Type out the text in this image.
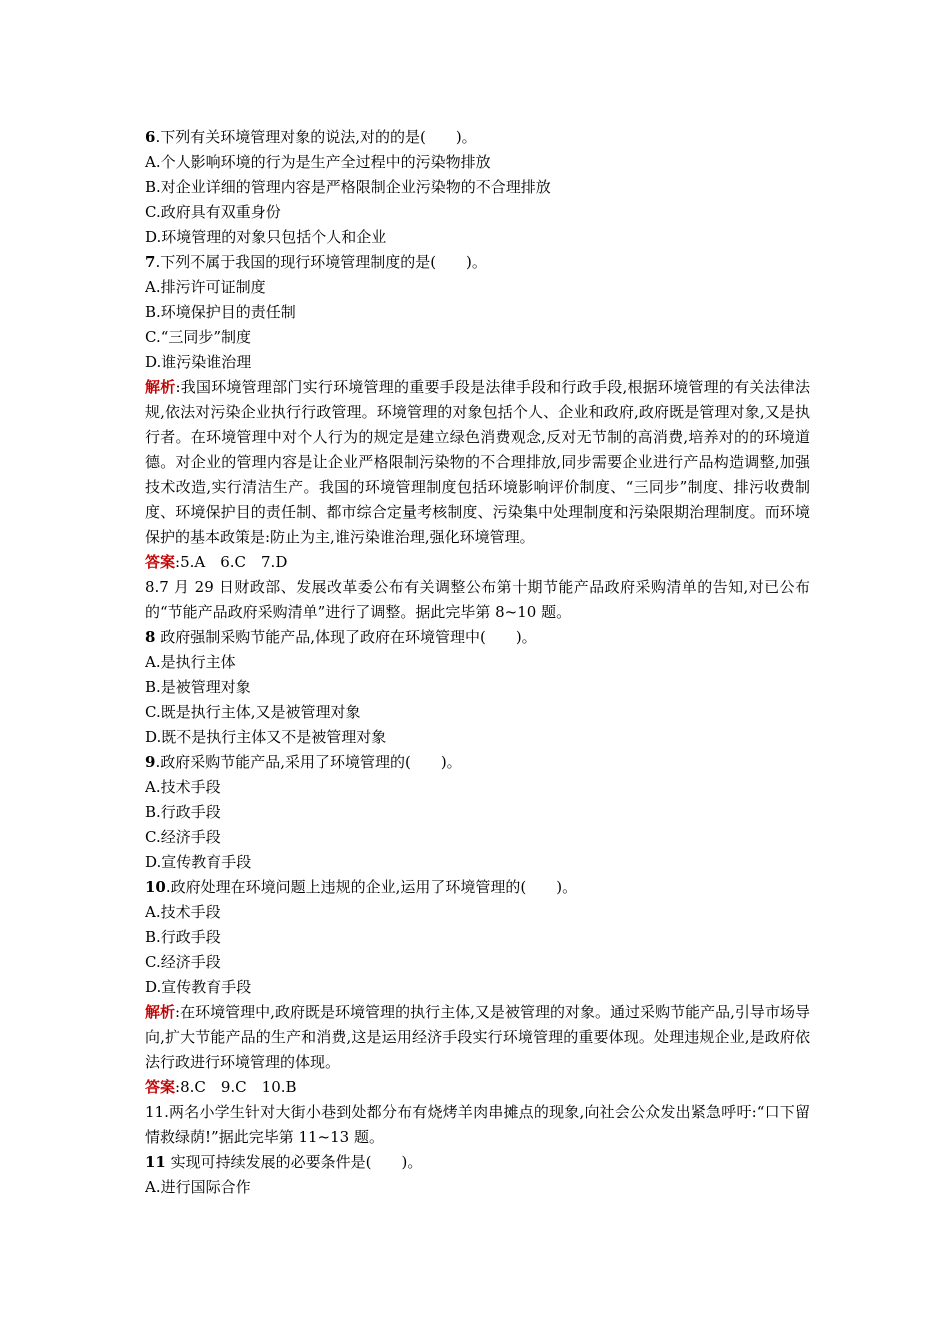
6.下列有关环境管理对象的说法,对的的是(　　)。
A.个人影响环境的行为是生产全过程中的污染物排放
B.对企业详细的管理内容是严格限制企业污染物的不合理排放
C.政府具有双重身份
D.环境管理的对象只包括个人和企业
7.下列不属于我国的现行环境管理制度的是(　　)。
A.排污许可证制度
B.环境保护目的责任制
C.“三同步”制度
D.谁污染谁治理
解析:我国环境管理部门实行环境管理的重要手段是法律手段和行政手段,根据环境管理的有关法律法规,依法对污染企业执行行政管理。环境管理的对象包括个人、企业和政府,政府既是管理对象,又是执行者。在环境管理中对个人行为的规定是建立绿色消费观念,反对无节制的高消费,培养对的的环境道德。对企业的管理内容是让企业严格限制污染物的不合理排放,同步需要企业进行产品构造调整,加强技术改造,实行清洁生产。我国的环境管理制度包括环境影响评价制度、“三同步”制度、排污收费制度、环境保护目的责任制、都市综合定量考核制度、污染集中处理制度和污染限期治理制度。而环境保护的基本政策是:防止为主,谁污染谁治理,强化环境管理。
答案:5.A　6.C　7.D
8.7 月 29 日财政部、发展改革委公布有关调整公布第十期节能产品政府采购清单的告知,对已公布的“节能产品政府采购清单”进行了调整。据此完毕第 8~10 题。
8 政府强制采购节能产品,体现了政府在环境管理中(　　)。
A.是执行主体
B.是被管理对象
C.既是执行主体,又是被管理对象
D.既不是执行主体又不是被管理对象
9.政府采购节能产品,采用了环境管理的(　　)。
A.技术手段
B.行政手段
C.经济手段
D.宣传教育手段
10.政府处理在环境问题上违规的企业,运用了环境管理的(　　)。
A.技术手段
B.行政手段
C.经济手段
D.宣传教育手段
解析:在环境管理中,政府既是环境管理的执行主体,又是被管理的对象。通过采购节能产品,引导市场导向,扩大节能产品的生产和消费,这是运用经济手段实行环境管理的重要体现。处理违规企业,是政府依法行政进行环境管理的体现。
答案:8.C　9.C　10.B
11.两名小学生针对大街小巷到处都分布有烧烤羊肉串摊点的现象,向社会公众发出紧急呼吁:“口下留情救绿荫!”据此完毕第 11~13 题。
11 实现可持续发展的必要条件是(　　)。
A.进行国际合作
